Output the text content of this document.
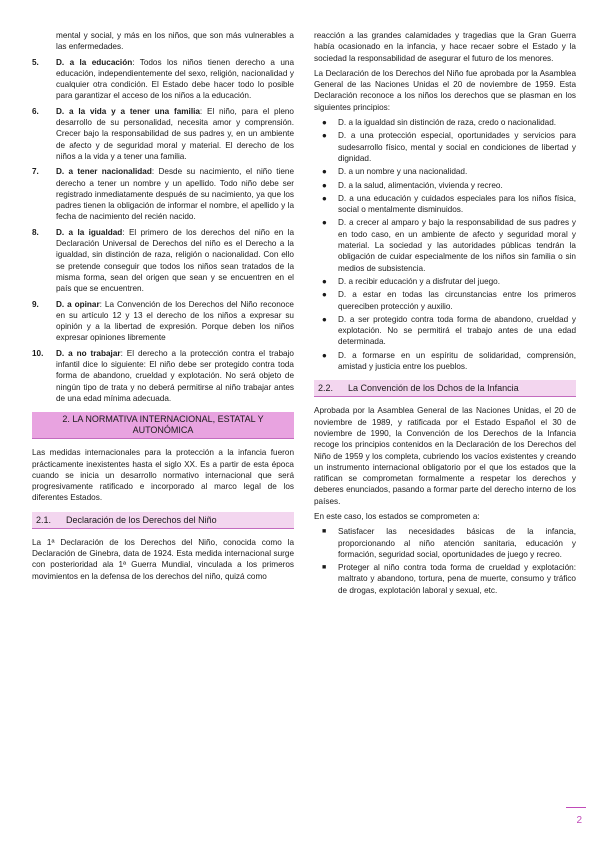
mental y social, y más en los niños, que son más vulnerables a las enfermedades.

5. D. a la educación: Todos los niños tienen derecho a una educación, independientemente del sexo, religión, nacionalidad y cualquier otra condición. El Estado debe hacer todo lo posible para garantizar el acceso de los niños a la educación.
6. D. a la vida y a tener una familia: El niño, para el pleno desarrollo de su personalidad, necesita amor y comprensión. Crecer bajo la responsabilidad de sus padres y, en un ambiente de afecto y de seguridad moral y material. El derecho de los niños a la vida y a tener una familia.
7. D. a tener nacionalidad: Desde su nacimiento, el niño tiene derecho a tener un nombre y un apellido. Todo niño debe ser registrado inmediatamente después de su nacimiento, ya que los padres tienen la obligación de informar el nombre, el apellido y la fecha de nacimiento del recién nacido.
8. D. a la igualdad: El primero de los derechos del niño en la Declaración Universal de Derechos del niño es el Derecho a la igualdad, sin distinción de raza, religión o nacionalidad. Con ello se pretende conseguir que todos los niños sean tratados de la misma forma, sean del origen que sean y se encuentren en el país que se encuentren.
9. D. a opinar: La Convención de los Derechos del Niño reconoce en su artículo 12 y 13 el derecho de los niños a expresar su opinión y a la libertad de expresión. Porque deben los niños expresar opiniones libremente
10. D. a no trabajar: El derecho a la protección contra el trabajo infantil dice lo siguiente: El niño debe ser protegido contra toda forma de abandono, crueldad y explotación. No será objeto de ningún tipo de trata y no deberá permitirse al niño trabajar antes de una edad mínima adecuada.
2. LA NORMATIVA INTERNACIONAL, ESTATAL Y AUTONÓMICA

Las medidas internacionales para la protección a la infancia fueron prácticamente inexistentes hasta el siglo XX. Es a partir de esta época cuando se inicia un desarrollo normativo internacional que será progresivamente ratificado e incorporado al marco legal de los diferentes Estados.

2.1. Declaración de los Derechos del Niño

La 1ª Declaración de los Derechos del Niño, conocida como la Declaración de Ginebra, data de 1924. Esta medida internacional surge con posterioridad ala 1ª Guerra Mundial, vinculada a los primeros movimientos en la defensa de los derechos del niño, quizá como

reacción a las grandes calamidades y tragedias que la Gran Guerra había ocasionado en la infancia, y hace recaer sobre el Estado y la sociedad la responsabilidad de asegurar el futuro de los menores.

La Declaración de los Derechos del Niño fue aprobada por la Asamblea General de las Naciones Unidas el 20 de noviembre de 1959. Esta Declaración reconoce a los niños los derechos que se plasman en los siguientes principios:

● D. a la igualdad sin distinción de raza, credo o nacionalidad.
● D. a una protección especial, oportunidades y servicios para sudesarrollo físico, mental y social en condiciones de libertad y dignidad.
● D. a un nombre y una nacionalidad.
● D. a la salud, alimentación, vivienda y recreo.
● D. a una educación y cuidados especiales para los niños física, social o mentalmente disminuidos.
● D. a crecer al amparo y bajo la responsabilidad de sus padres y en todo caso, en un ambiente de afecto y seguridad moral y material. La sociedad y las autoridades públicas tendrán la obligación de cuidar especialmente de los niños sin familia o sin medios de subsistencia.
● D. a recibir educación y a disfrutar del juego.
● D. a estar en todas las circunstancias entre los primeros quereciben protección y auxilio.
● D. a ser protegido contra toda forma de abandono, crueldad y explotación. No se permitirá el trabajo antes de una edad determinada.
● D. a formarse en un espíritu de solidaridad, comprensión, amistad y justicia entre los pueblos.
2.2. La Convención de los Dchos de la Infancia

Aprobada por la Asamblea General de las Naciones Unidas, el 20 de noviembre de 1989, y ratificada por el Estado Español el 30 de noviembre de 1990, la Convención de los Derechos de la Infancia recoge los principios contenidos en la Declaración de los Derechos del Niño de 1959 y los completa, cubriendo los vacíos existentes y creando un instrumento internacional obligatorio por el que los estados que la ratifican se comprometan formalmente a respetar los derechos y deberes enunciados, pasando a formar parte del derecho interno de los países.

En este caso, los estados se comprometen a:

■ Satisfacer las necesidades básicas de la infancia, proporcionando al niño atención sanitaria, educación y formación, seguridad social, oportunidades de juego y recreo.
■ Proteger al niño contra toda forma de crueldad y explotación: maltrato y abandono, tortura, pena de muerte, consumo y tráfico de drogas, explotación laboral y sexual, etc.
2
